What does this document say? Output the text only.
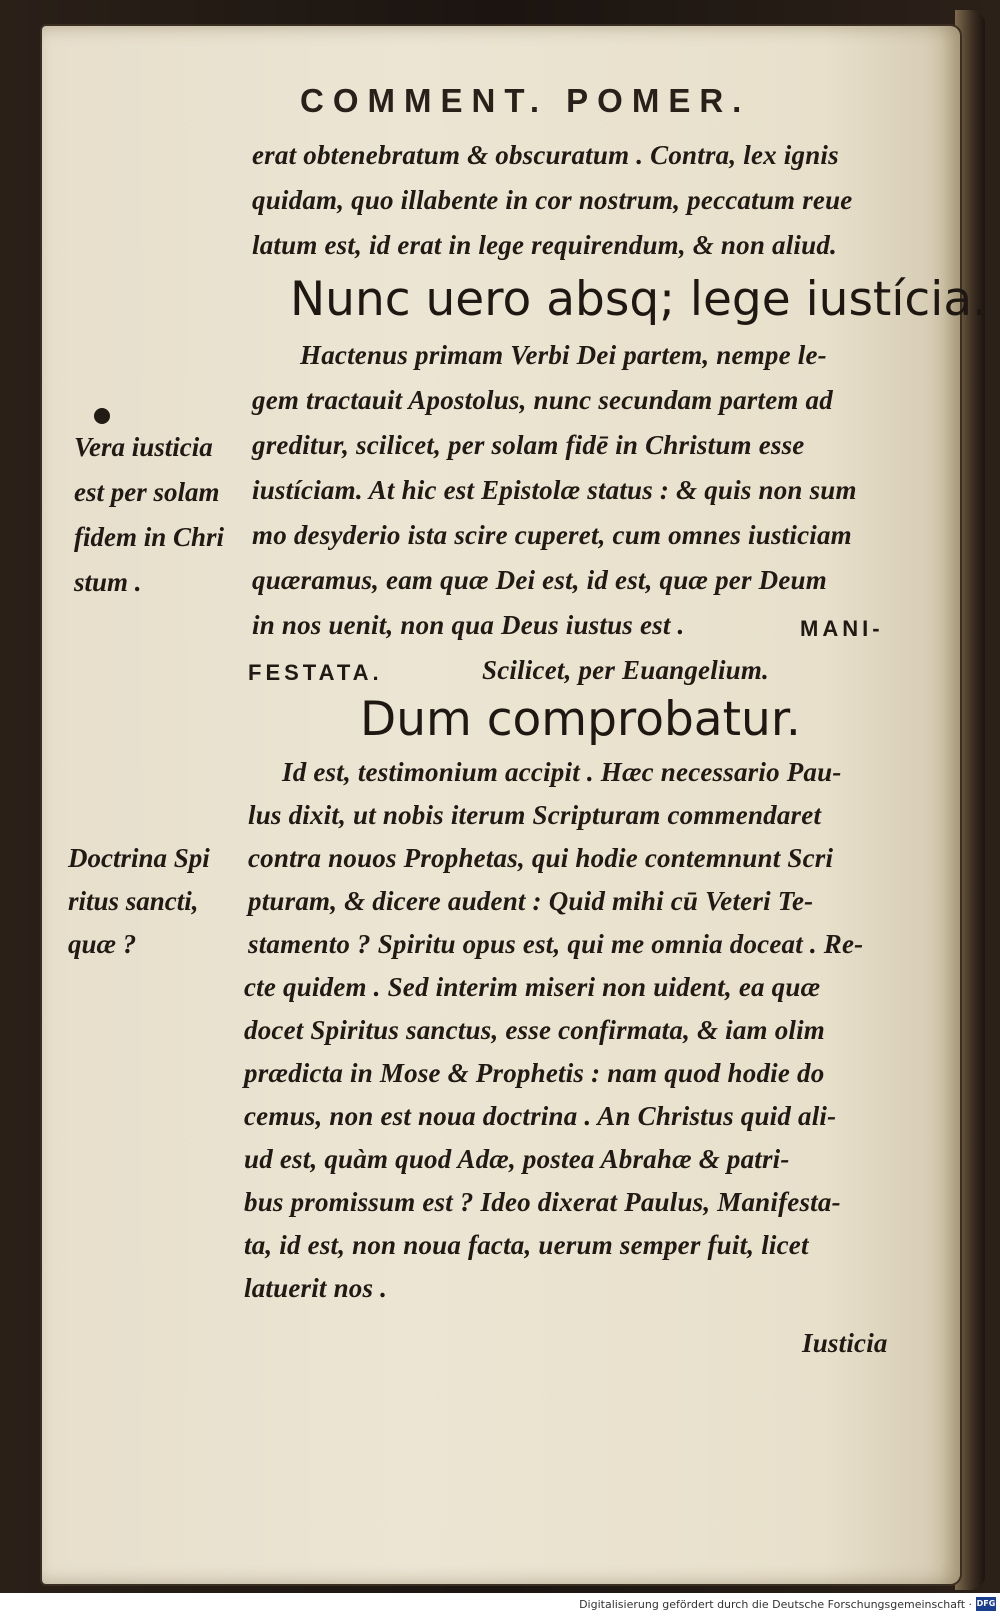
COMMENT. POMER.
erat obtenebratum & obscuratum . Contra, lex ignis
quidam, quo illabente in cor nostrum, peccatum reue
latum est, id erat in lege requirendum, & non aliud.
Nunc uero absq; lege iustícia.
Hactenus primam Verbi Dei partem, nempe le-
gem tractauit Apostolus, nunc secundam partem ad
greditur, scilicet, per solam fidē in Christum esse
iustíciam. At hic est Epistolæ status : & quis non sum
mo desyderio ista scire cuperet, cum omnes iusticiam
quæramus, eam quæ Dei est, id est, quæ per Deum
in nos uenit, non qua Deus iustus est .	MANI-
FESTATA.	Scilicet, per Euangelium.
Dum comprobatur.
Id est, testimonium accipit . Hæc necessario Pau-
lus dixit, ut nobis iterum Scripturam commendaret
contra nouos Prophetas, qui hodie contemnunt Scri
pturam, & dicere audent : Quid mihi cū Veteri Te-
stamento ? Spiritu opus est, qui me omnia doceat . Re-
cte quidem . Sed interim miseri non uident, ea quæ
docet Spiritus sanctus, esse confirmata, & iam olim
prædicta in Mose & Prophetis : nam quod hodie do
cemus, non est noua doctrina . An Christus quid ali-
ud est, quàm quod Adæ, postea Abrahæ & patri-
bus promissum est ? Ideo dixerat Paulus, Manifesta-
ta, id est, non noua facta, uerum semper fuit, licet
latuerit nos .
Iusticia
Vera iusticia
est per solam
fidem in Chri
stum .
Doctrina Spi
ritus sancti,
quæ ?
Digitalisierung gefördert durch die Deutsche Forschungsgemeinschaft · DFG
